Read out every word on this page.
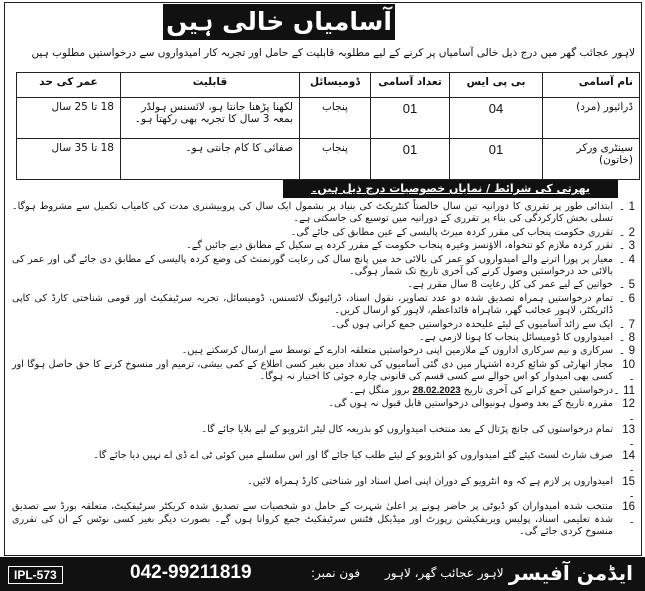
آسامیاں خالی ہیں
لاہور عجائب گھر میں درج ذیل خالی آسامیاں پر کرنے کے لیے مطلوبہ قابلیت کے حامل اور تجربہ کار امیدواروں سے درخواستیں مطلوب ہیں
نام آسامی	بی پی ایس	تعداد آسامی	ڈومیسائل	قابلیت	عمر کی حد
ڈرائیور (مرد)	04	01	پنجاب	لکھنا پڑھنا جانتا ہو، لائسنس ہولڈر بمعہ 3 سال کا تجربہ بھی رکھتا ہو۔	18 تا 25 سال
سینٹری ورکر (خاتون)	01	01	پنجاب	صفائی کا کام جانتی ہو۔	18 تا 35 سال
بھرتی کی شرائط / نمایاں خصوصیات درج ذیل ہیں۔
1 ۔
ابتدائی طور پر تقرری کا دورانیہ تین سال خالصتاً کنٹریکٹ کی بنیاد پر بشمول ایک سال کی پروبیشنری مدت کی کامیاب تکمیل سے مشروط ہوگا۔ تسلی بخش کارکردگی کی بناء پر تقرری کے دورانیہ میں توسیع کی جاسکتی ہے۔
2 ۔
تقرری حکومت پنجاب کی مقرر کردہ میرٹ پالیسی کے عین مطابق کی جائے گی۔
3 ۔
تقرر کردہ ملازم کو تنخواہ، الاؤنسز وغیرہ پنجاب حکومت کے مقرر کردہ پے سکیل کے مطابق دیے جائیں گے۔
4 ۔
معیار پر پورا اترنے والے امیدواروں کو عمر کی بالائی حد میں پانچ سال کی رعایت گورنمنٹ کی وضع کردہ پالیسی کے مطابق دی جائے گی اور عمر کی بالائی حد درخواستیں وصول کرنے کی آخری تاریخ تک شمار ہوگی۔
5 ۔
خواتین کے لیے عمر کی کل رعایت 8 سال مقرر ہے۔
6 ۔
تمام درخواستیں ہمراہ تصدیق شدہ دو عدد تصاویر، نقول اسناد، ڈرائیونگ لائسنس، ڈومیسائل، تجربہ سرٹیفکیٹ اور قومی شناختی کارڈ کی کاپی ڈائریکٹر، لاہور عجائب گھر، شاہراہ قائداعظم، لاہور کو ارسال کریں۔
7 ۔
ایک سے زائد آسامیوں کے لیئے علیحدہ درخواستیں جمع کرانی ہوں گی۔
8 ۔
امیدواروں کا ڈومیسائل پنجاب کا ہونا لازمی ہے۔
9 ۔
سرکاری و نیم سرکاری اداروں کے ملازمین اپنی درخواستیں متعلقہ ادارے کے توسط سے ارسال کرسکتے ہیں۔
10 ۔
مجاز اتھارٹی کو شائع کردہ اشتہار میں دی گئی آسامیوں کی تعداد میں بغیر کسی اطلاع کے کمی بیشی، ترمیم اور منسوخ کرنے کا حق حاصل ہوگا اور کسی بھی امیدوار کو اس حوالے سے کسی قسم کی قانونی چارہ جوئی کا اختیار نہ ہوگا۔
11 ۔
درخواستیں جمع کرانے کی آخری تاریخ 28.02.2023 بروز منگل ہے۔
12 ۔
مقررہ تاریخ کے بعد وصول ہونیوالی درخواستیں قابل قبول نہ ہوں گی۔
13 ۔
تمام درخواستوں کی جانچ پڑتال کے بعد منتخب امیدواروں کو بذریعہ کال لیٹر انٹرویو کے لیے بلایا جائے گا۔
14 ۔
صرف شارٹ لسٹ کیئے گئے امیدواروں کو انٹرویو کے لیئے طلب کیا جائے گا اور اس سلسلے میں کوئی ٹی اے ڈی اے نہیں دیا جائے گا۔
15 ۔
امیدواروں پر لازم ہے کہ وہ انٹرویو کے دوران اپنی اصل اسناد اور شناختی کارڈ ہمراہ لائیں۔
16 ۔
منتخب شدہ امیدواران کو ڈیوٹی پر حاضر ہونے پر اعلیٰ شہرت کے حامل دو شخصیات سے تصدیق شدہ کریکٹر سرٹیفکیٹ، متعلقہ بورڈ سے تصدیق شدہ تعلیمی اسناد، پولیس ویریفکیشن رپورٹ اور میڈیکل فٹنس سرٹیفکیٹ جمع کروانا ہوں گے۔ بصورت دیگر بغیر کسی نوٹس کے ان کی تقرری منسوخ کردی جائے گی۔
IPL-573	042-99211819	فون نمبر: لاہور عجائب گھر، لاہور ایڈمن آفیسر
